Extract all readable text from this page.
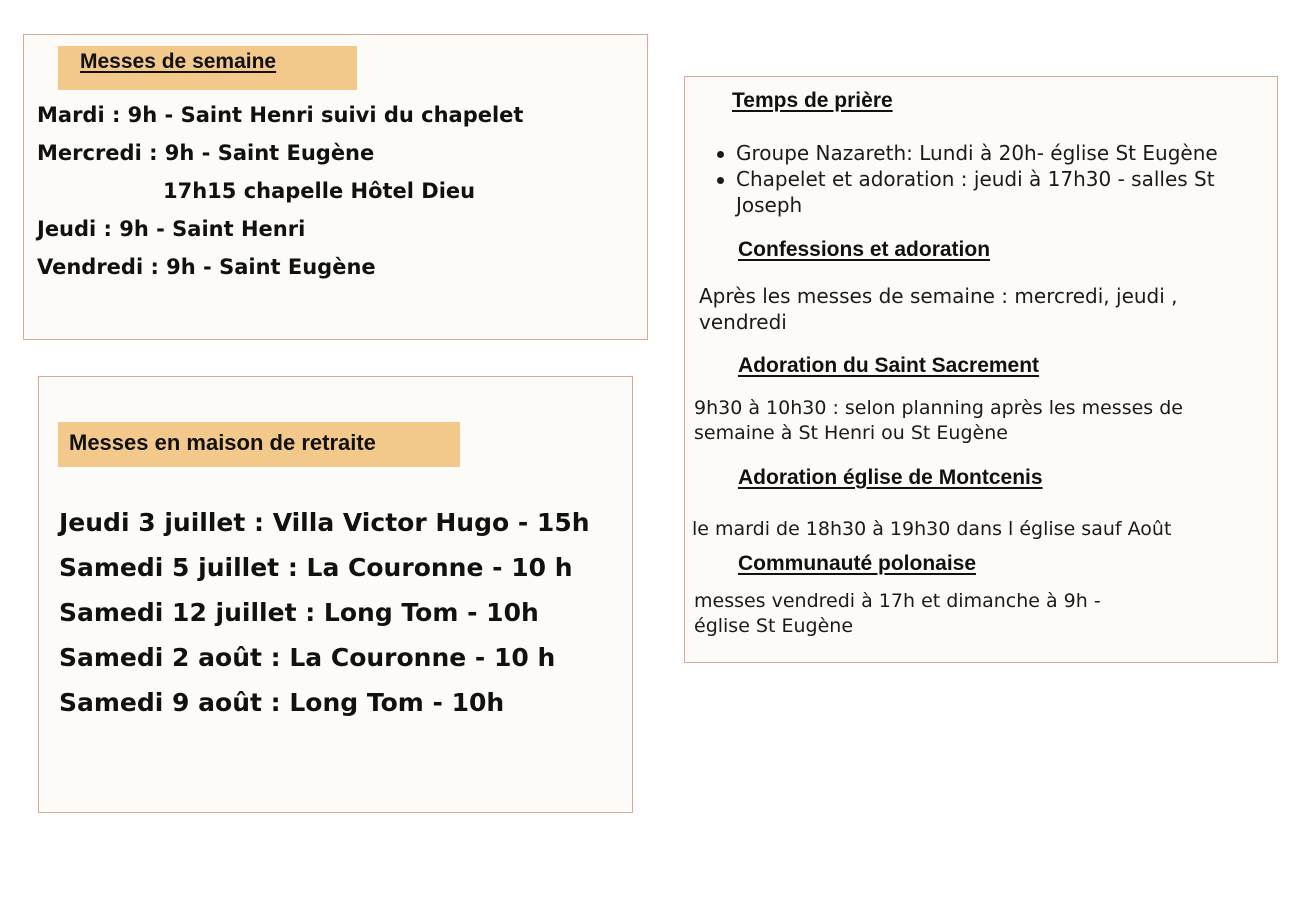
Messes de semaine
Mardi : 9h - Saint Henri suivi du chapelet
Mercredi : 9h - Saint Eugène
17h15 chapelle Hôtel Dieu
Jeudi : 9h - Saint Henri
Vendredi : 9h - Saint Eugène
Messes en maison de retraite
Jeudi 3 juillet : Villa Victor Hugo - 15h
Samedi 5 juillet : La Couronne - 10 h
Samedi 12 juillet : Long Tom - 10h
Samedi 2 août : La Couronne - 10 h
Samedi 9 août : Long Tom - 10h
Temps de prière
Groupe Nazareth: Lundi à 20h- église St Eugène
Chapelet et adoration : jeudi à 17h30 - salles St Joseph
Confessions et adoration
Après les messes de semaine : mercredi, jeudi , vendredi
Adoration du Saint Sacrement
9h30 à 10h30 : selon planning après les messes de semaine à St Henri ou St Eugène
Adoration église de Montcenis
le mardi de 18h30 à 19h30 dans l église sauf Août
Communauté polonaise
messes vendredi à 17h et dimanche à 9h - église St Eugène
